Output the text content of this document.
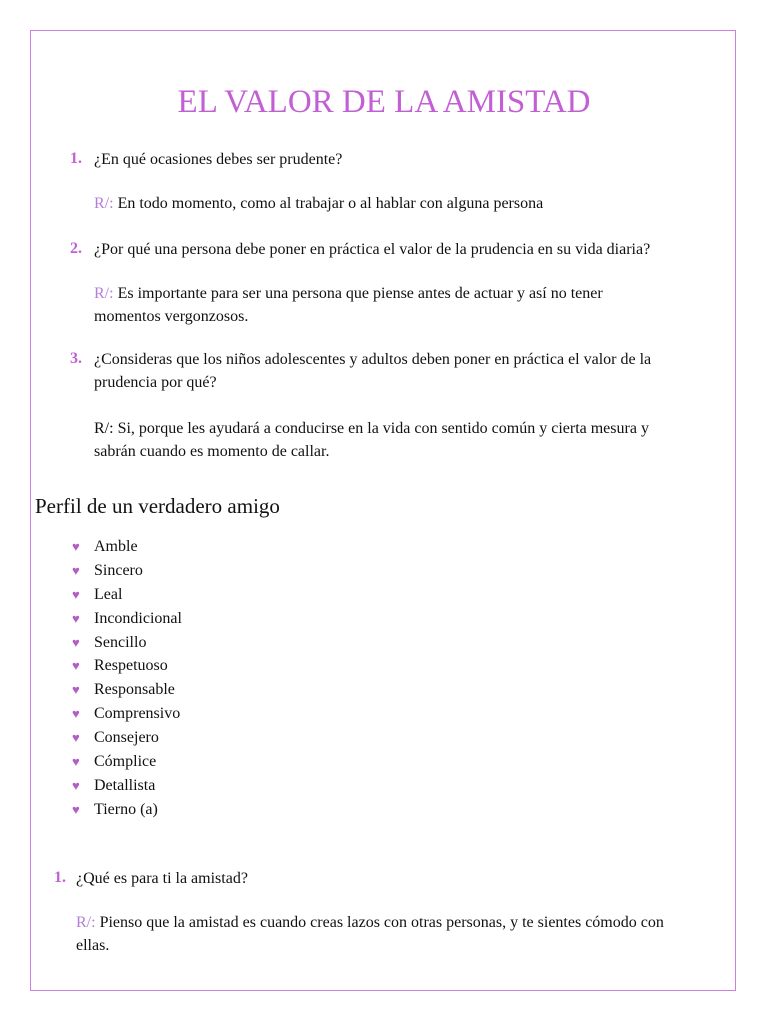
EL VALOR DE LA AMISTAD
1. ¿En qué ocasiones debes ser prudente?
R/: En todo momento, como al trabajar o al hablar con alguna persona
2. ¿Por qué una persona debe poner en práctica el valor de la prudencia en su vida diaria?
R/: Es importante para ser una persona que piense antes de actuar y así no tener
momentos vergonzosos.
3. ¿Consideras que los niños adolescentes y adultos deben poner en práctica el valor de la
prudencia por qué?
R/: Si, porque les ayudará a conducirse en la vida con sentido común y cierta mesura y
sabrán cuando es momento de callar.
Perfil de un verdadero amigo
♥ Amble
♥ Sincero
♥ Leal
♥ Incondicional
♥ Sencillo
♥ Respetuoso
♥ Responsable
♥ Comprensivo
♥ Consejero
♥ Cómplice
♥ Detallista
♥ Tierno (a)
1. ¿Qué es para ti la amistad?
R/: Pienso que la amistad es cuando creas lazos con otras personas, y te sientes cómodo con
ellas.
